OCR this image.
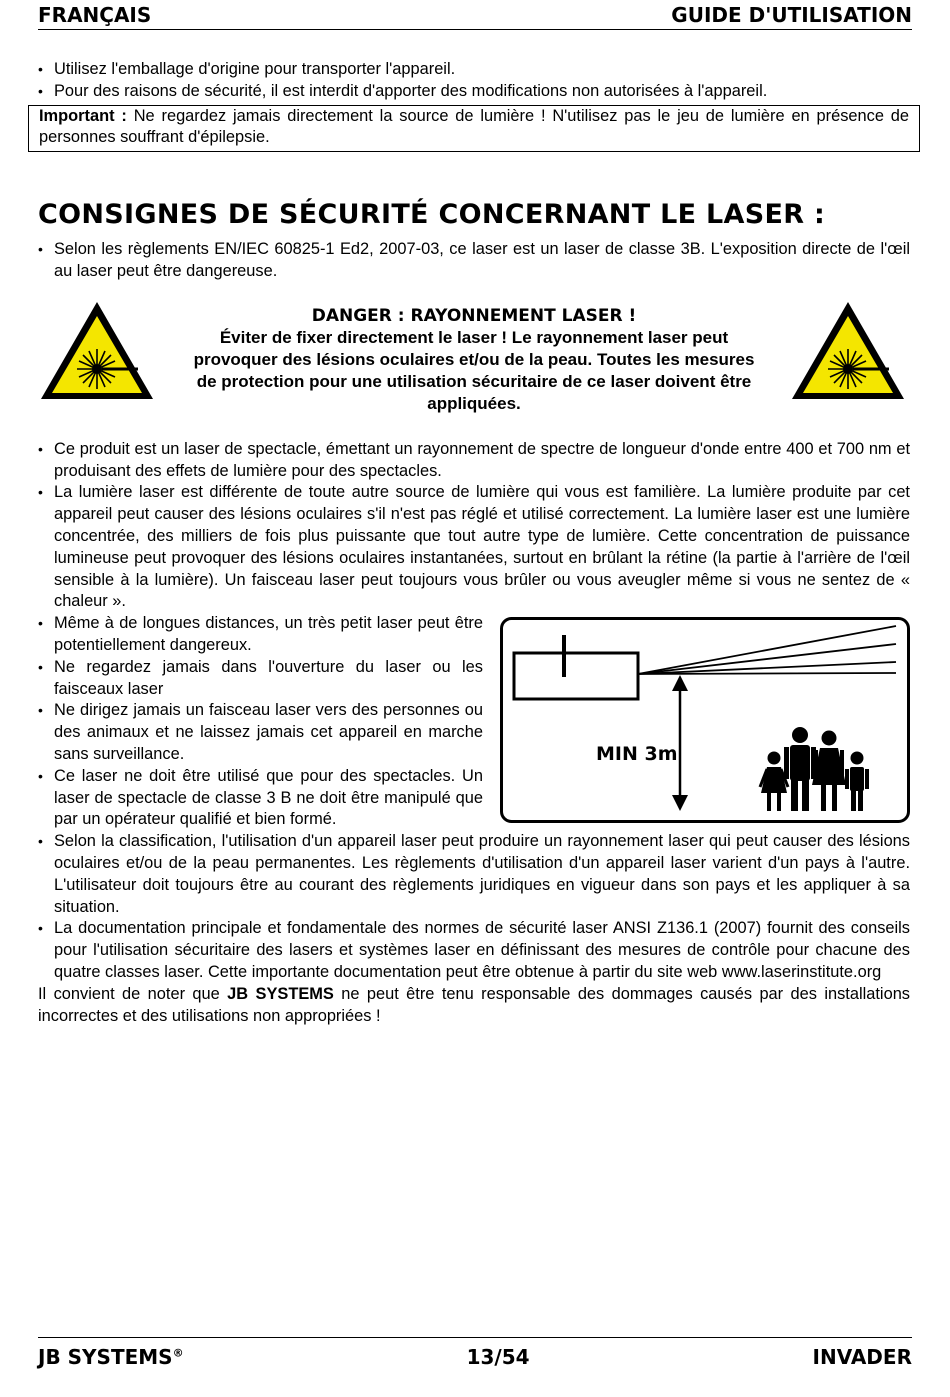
FRANÇAIS	GUIDE D'UTILISATION
• Utilisez l'emballage d'origine pour transporter l'appareil.
• Pour des raisons de sécurité, il est interdit d'apporter des modifications non autorisées à l'appareil.
Important : Ne regardez jamais directement la source de lumière ! N'utilisez pas le jeu de lumière en présence de personnes souffrant d'épilepsie.
CONSIGNES DE SÉCURITÉ CONCERNANT LE LASER :
• Selon les règlements EN/IEC 60825-1 Ed2, 2007-03, ce laser est un laser de classe 3B. L'exposition directe de l'œil au laser peut être dangereuse.
DANGER : RAYONNEMENT LASER !
Éviter de fixer directement le laser ! Le rayonnement laser peut provoquer des lésions oculaires et/ou de la peau. Toutes les mesures de protection pour une utilisation sécuritaire de ce laser doivent être appliquées.
• Ce produit est un laser de spectacle, émettant un rayonnement de spectre de longueur d'onde entre 400 et 700 nm et produisant des effets de lumière pour des spectacles.
• La lumière laser est différente de toute autre source de lumière qui vous est familière. La lumière produite par cet appareil peut causer des lésions oculaires s'il n'est pas réglé et utilisé correctement. La lumière laser est une lumière concentrée, des milliers de fois plus puissante que tout autre type de lumière. Cette concentration de puissance lumineuse peut provoquer des lésions oculaires instantanées, surtout en brûlant la rétine (la partie à l'arrière de l'œil sensible à la lumière). Un faisceau laser peut toujours vous brûler ou vous aveugler même si vous ne sentez de « chaleur ».
• Même à de longues distances, un très petit laser peut être potentiellement dangereux.
• Ne regardez jamais dans l'ouverture du laser ou les faisceaux laser
• Ne dirigez jamais un faisceau laser vers des personnes ou des animaux et ne laissez jamais cet appareil en marche sans surveillance.
• Ce laser ne doit être utilisé que pour des spectacles. Un laser de spectacle de classe 3 B ne doit être manipulé que par un opérateur qualifié et bien formé.
MIN 3m
• Selon la classification, l'utilisation d'un appareil laser peut produire un rayonnement laser qui peut causer des lésions oculaires et/ou de la peau permanentes. Les règlements d'utilisation d'un appareil laser varient d'un pays à l'autre. L'utilisateur doit toujours être au courant des règlements juridiques en vigueur dans son pays et les appliquer à sa situation.
• La documentation principale et fondamentale des normes de sécurité laser ANSI Z136.1 (2007) fournit des conseils pour l'utilisation sécuritaire des lasers et systèmes laser en définissant des mesures de contrôle pour chacune des quatre classes laser. Cette importante documentation peut être obtenue à partir du site web www.laserinstitute.org
Il convient de noter que JB SYSTEMS ne peut être tenu responsable des dommages causés par des installations incorrectes et des utilisations non appropriées !
JB SYSTEMS®	13/54	INVADER
